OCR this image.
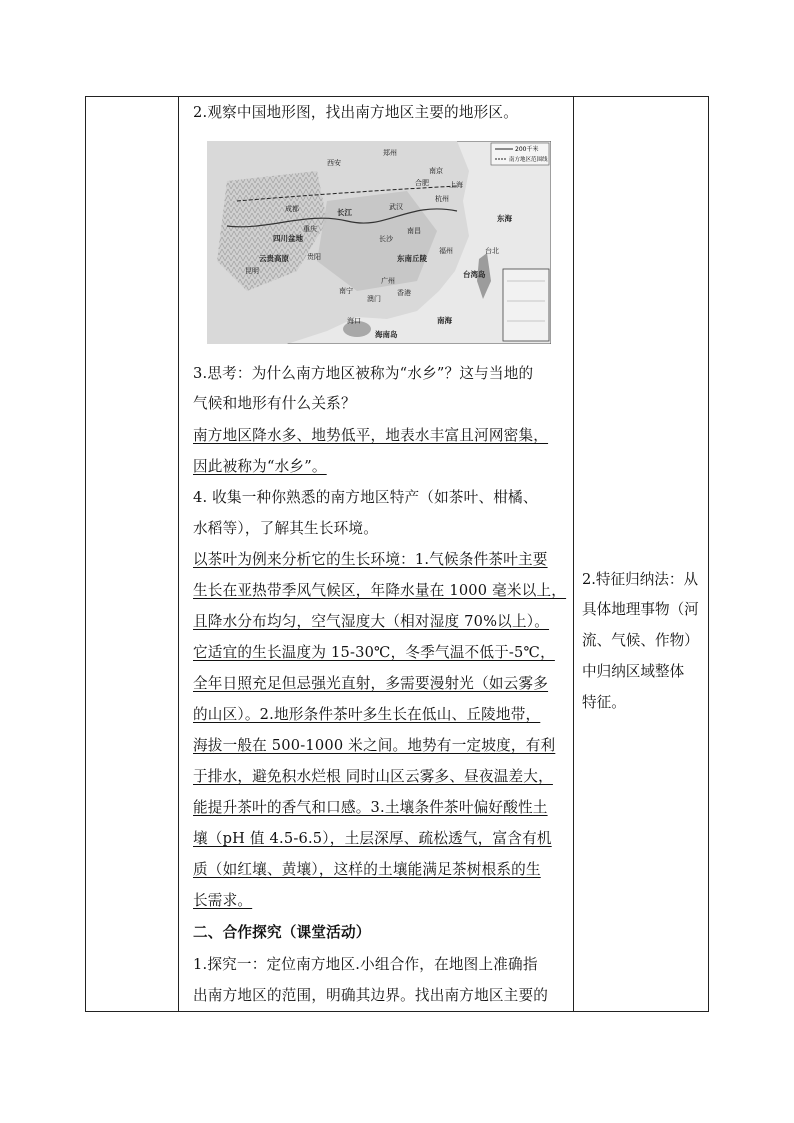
2.观察中国地形图，找出南方地区主要的地形区。
200千米
南方地区范围线
成都
重庆
贵阳
昆明
南宁
广州
香港
澳门
海口
长沙
南昌
武汉
杭州
上海
福州	台北
合肥
南京
郑州
西安
四川盆地
云贵高原	东南丘陵
长江
南海
台湾岛
海南岛
东海
3.思考：为什么南方地区被称为“水乡”？这与当地的
气候和地形有什么关系？
南方地区降水多、地势低平，地表水丰富且河网密集，
因此被称为“水乡”。
4. 收集一种你熟悉的南方地区特产（如茶叶、柑橘、
水稻等），了解其生长环境。
以茶叶为例来分析它的生长环境：1.气候条件茶叶主要
生长在亚热带季风气候区，年降水量在 1000 毫米以上，
且降水分布均匀，空气湿度大（相对湿度 70%以上）。
它适宜的生长温度为 15-30℃，冬季气温不低于-5℃，
全年日照充足但忌强光直射，多需要漫射光（如云雾多
的山区）。2.地形条件茶叶多生长在低山、丘陵地带，
海拔一般在 500-1000 米之间。地势有一定坡度，有利
于排水，避免积水烂根 同时山区云雾多、昼夜温差大，
能提升茶叶的香气和口感。3.土壤条件茶叶偏好酸性土
壤（pH 值 4.5-6.5），土层深厚、疏松透气，富含有机
质（如红壤、黄壤），这样的土壤能满足茶树根系的生
长需求。
二、合作探究（课堂活动）
1.探究一：定位南方地区.小组合作，在地图上准确指
出南方地区的范围，明确其边界。找出南方地区主要的
2.特征归纳法：从
具体地理事物（河
流、气候、作物）
中归纳区域整体
特征。
